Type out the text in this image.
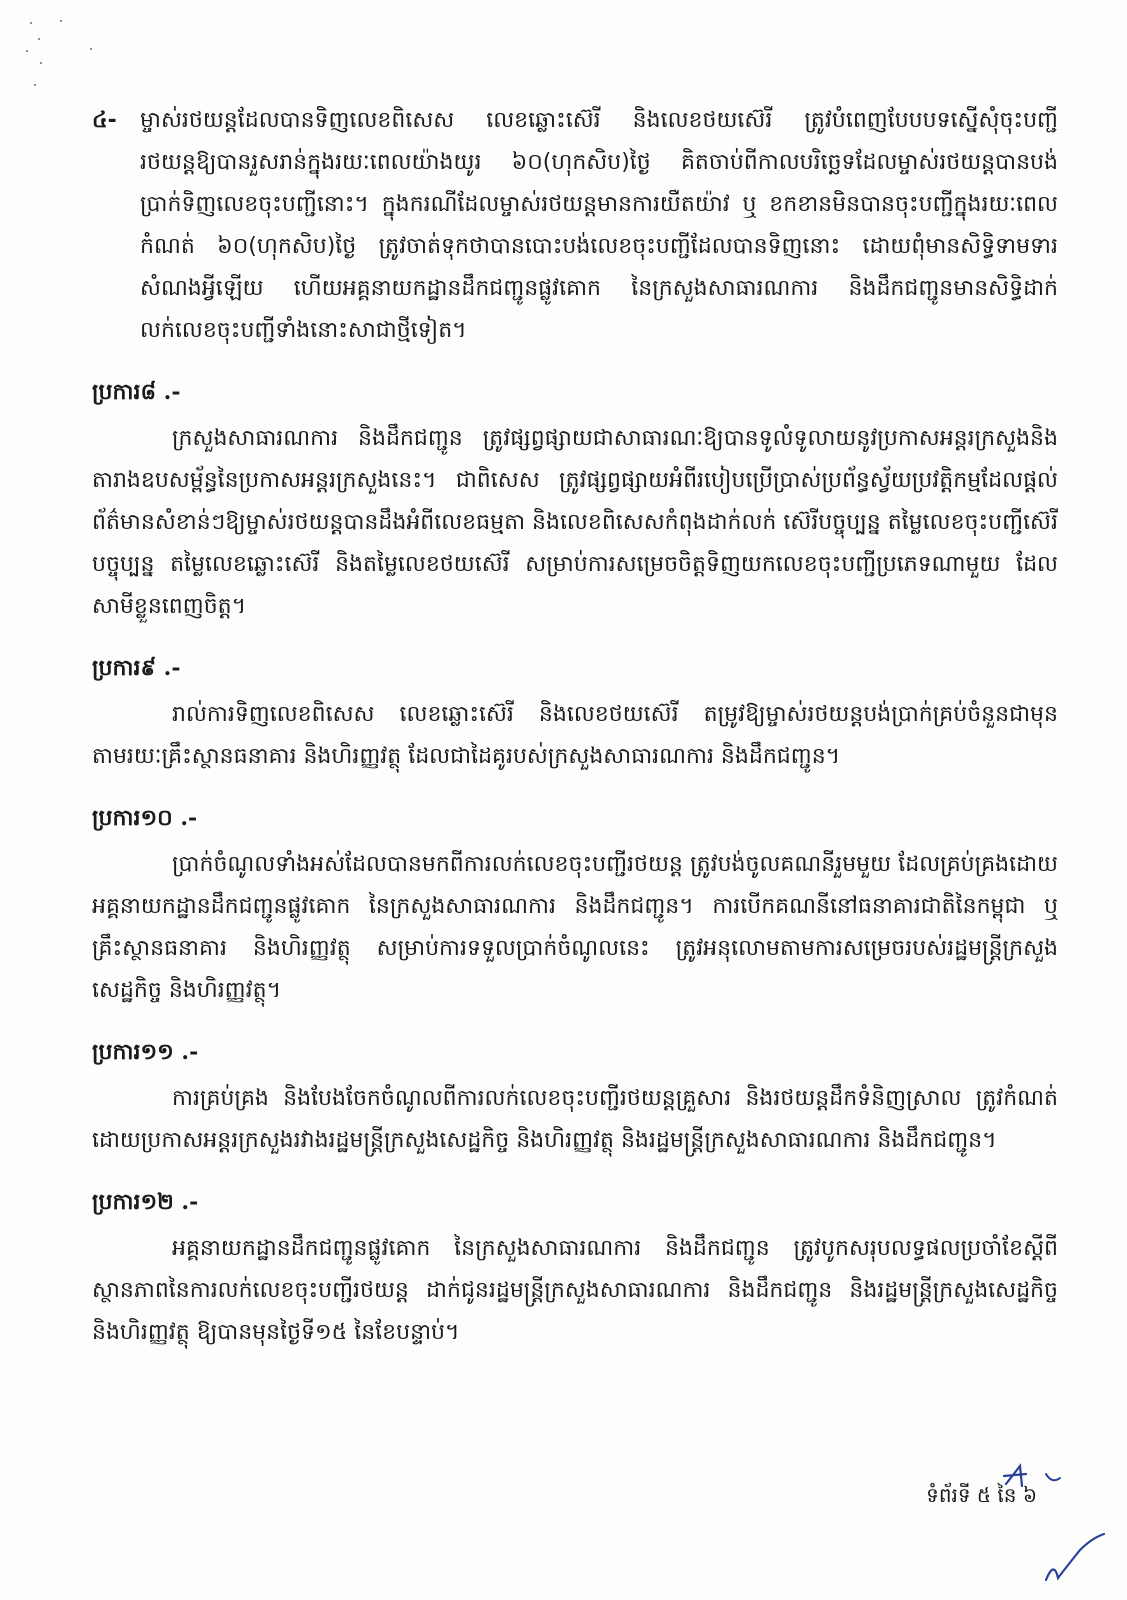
៤-	ម្ចាស់រថយន្តដែលបានទិញលេខពិសេស លេខឆ្លោះស៊េរី និងលេខថយស៊េរី ត្រូវបំពេញបែបបទស្នើសុំចុះបញ្ជីរថយន្តឱ្យបានរួសរាន់ក្នុងរយៈពេលយ៉ាងយូរ ៦០(ហុកសិប)ថ្ងៃ គិតចាប់ពីកាលបរិច្ឆេទដែលម្ចាស់រថយន្តបានបង់ប្រាក់ទិញលេខចុះបញ្ជីនោះ។ ក្នុងករណីដែលម្ចាស់រថយន្តមានការយឺតយ៉ាវ ឬ ខកខានមិនបានចុះបញ្ជីក្នុងរយៈពេលកំណត់ ៦០(ហុកសិប)ថ្ងៃ ត្រូវចាត់ទុកថាបានបោះបង់លេខចុះបញ្ជីដែលបានទិញនោះ ដោយពុំមានសិទ្ធិទាមទារសំណងអ្វីឡើយ ហើយអគ្គនាយកដ្ឋានដឹកជញ្ជូនផ្លូវគោក នៃក្រសួងសាធារណការ និងដឹកជញ្ជូនមានសិទ្ធិដាក់លក់លេខចុះបញ្ជីទាំងនោះសាជាថ្មីទៀត។
ប្រការ៨ .-

ក្រសួងសាធារណការ និងដឹកជញ្ជូន ត្រូវផ្សព្វផ្សាយជាសាធារណៈឱ្យបានទូលំទូលាយនូវប្រកាសអន្តរក្រសួងនិងតារាងឧបសម្ព័ន្ធនៃប្រកាសអន្តរក្រសួងនេះ។ ជាពិសេស ត្រូវផ្សព្វផ្សាយអំពីរបៀបប្រើប្រាស់ប្រព័ន្ធស្វ័យប្រវត្តិកម្មដែលផ្តល់ព័ត៌មានសំខាន់ៗឱ្យម្ចាស់រថយន្តបានដឹងអំពីលេខធម្មតា និងលេខពិសេសកំពុងដាក់លក់ ស៊េរីបច្ចុប្បន្ន តម្លៃលេខចុះបញ្ជីស៊េរីបច្ចុប្បន្ន តម្លៃលេខឆ្លោះស៊េរី និងតម្លៃលេខថយស៊េរី សម្រាប់ការសម្រេចចិត្តទិញយកលេខចុះបញ្ជីប្រភេទណាមួយ ដែលសាមីខ្លួនពេញចិត្ត។

ប្រការ៩ .-

រាល់ការទិញលេខពិសេស លេខឆ្លោះស៊េរី និងលេខថយស៊េរី តម្រូវឱ្យម្ចាស់រថយន្តបង់ប្រាក់គ្រប់ចំនួនជាមុនតាមរយៈគ្រឹះស្ថានធនាគារ និងហិរញ្ញវត្ថុ ដែលជាដៃគូរបស់ក្រសួងសាធារណការ និងដឹកជញ្ជូន។

ប្រការ១០ .-

ប្រាក់ចំណូលទាំងអស់ដែលបានមកពីការលក់លេខចុះបញ្ជីរថយន្ត ត្រូវបង់ចូលគណនីរួមមួយ ដែលគ្រប់គ្រងដោយអគ្គនាយកដ្ឋានដឹកជញ្ជូនផ្លូវគោក នៃក្រសួងសាធារណការ និងដឹកជញ្ជូន។ ការបើកគណនីនៅធនាគារជាតិនៃកម្ពុជា ឬ គ្រឹះស្ថានធនាគារ និងហិរញ្ញវត្ថុ សម្រាប់ការទទួលប្រាក់ចំណូលនេះ ត្រូវអនុលោមតាមការសម្រេចរបស់រដ្ឋមន្ត្រីក្រសួងសេដ្ឋកិច្ច និងហិរញ្ញវត្ថុ។

ប្រការ១១ .-

ការគ្រប់គ្រង និងបែងចែកចំណូលពីការលក់លេខចុះបញ្ជីរថយន្តគ្រួសារ និងរថយន្តដឹកទំនិញស្រាល ត្រូវកំណត់ដោយប្រកាសអន្តរក្រសួងរវាងរដ្ឋមន្ត្រីក្រសួងសេដ្ឋកិច្ច និងហិរញ្ញវត្ថុ និងរដ្ឋមន្ត្រីក្រសួងសាធារណការ និងដឹកជញ្ជូន។

ប្រការ១២ .-

អគ្គនាយកដ្ឋានដឹកជញ្ជូនផ្លូវគោក នៃក្រសួងសាធារណការ និងដឹកជញ្ជូន ត្រូវបូកសរុបលទ្ធផលប្រចាំខែស្តីពីស្ថានភាពនៃការលក់លេខចុះបញ្ជីរថយន្ត ដាក់ជូនរដ្ឋមន្ត្រីក្រសួងសាធារណការ និងដឹកជញ្ជូន និងរដ្ឋមន្ត្រីក្រសួងសេដ្ឋកិច្ច និងហិរញ្ញវត្ថុ ឱ្យបានមុនថ្ងៃទី១៥ នៃខែបន្ទាប់។

ទំព័រទី ៥ នៃ ៦
